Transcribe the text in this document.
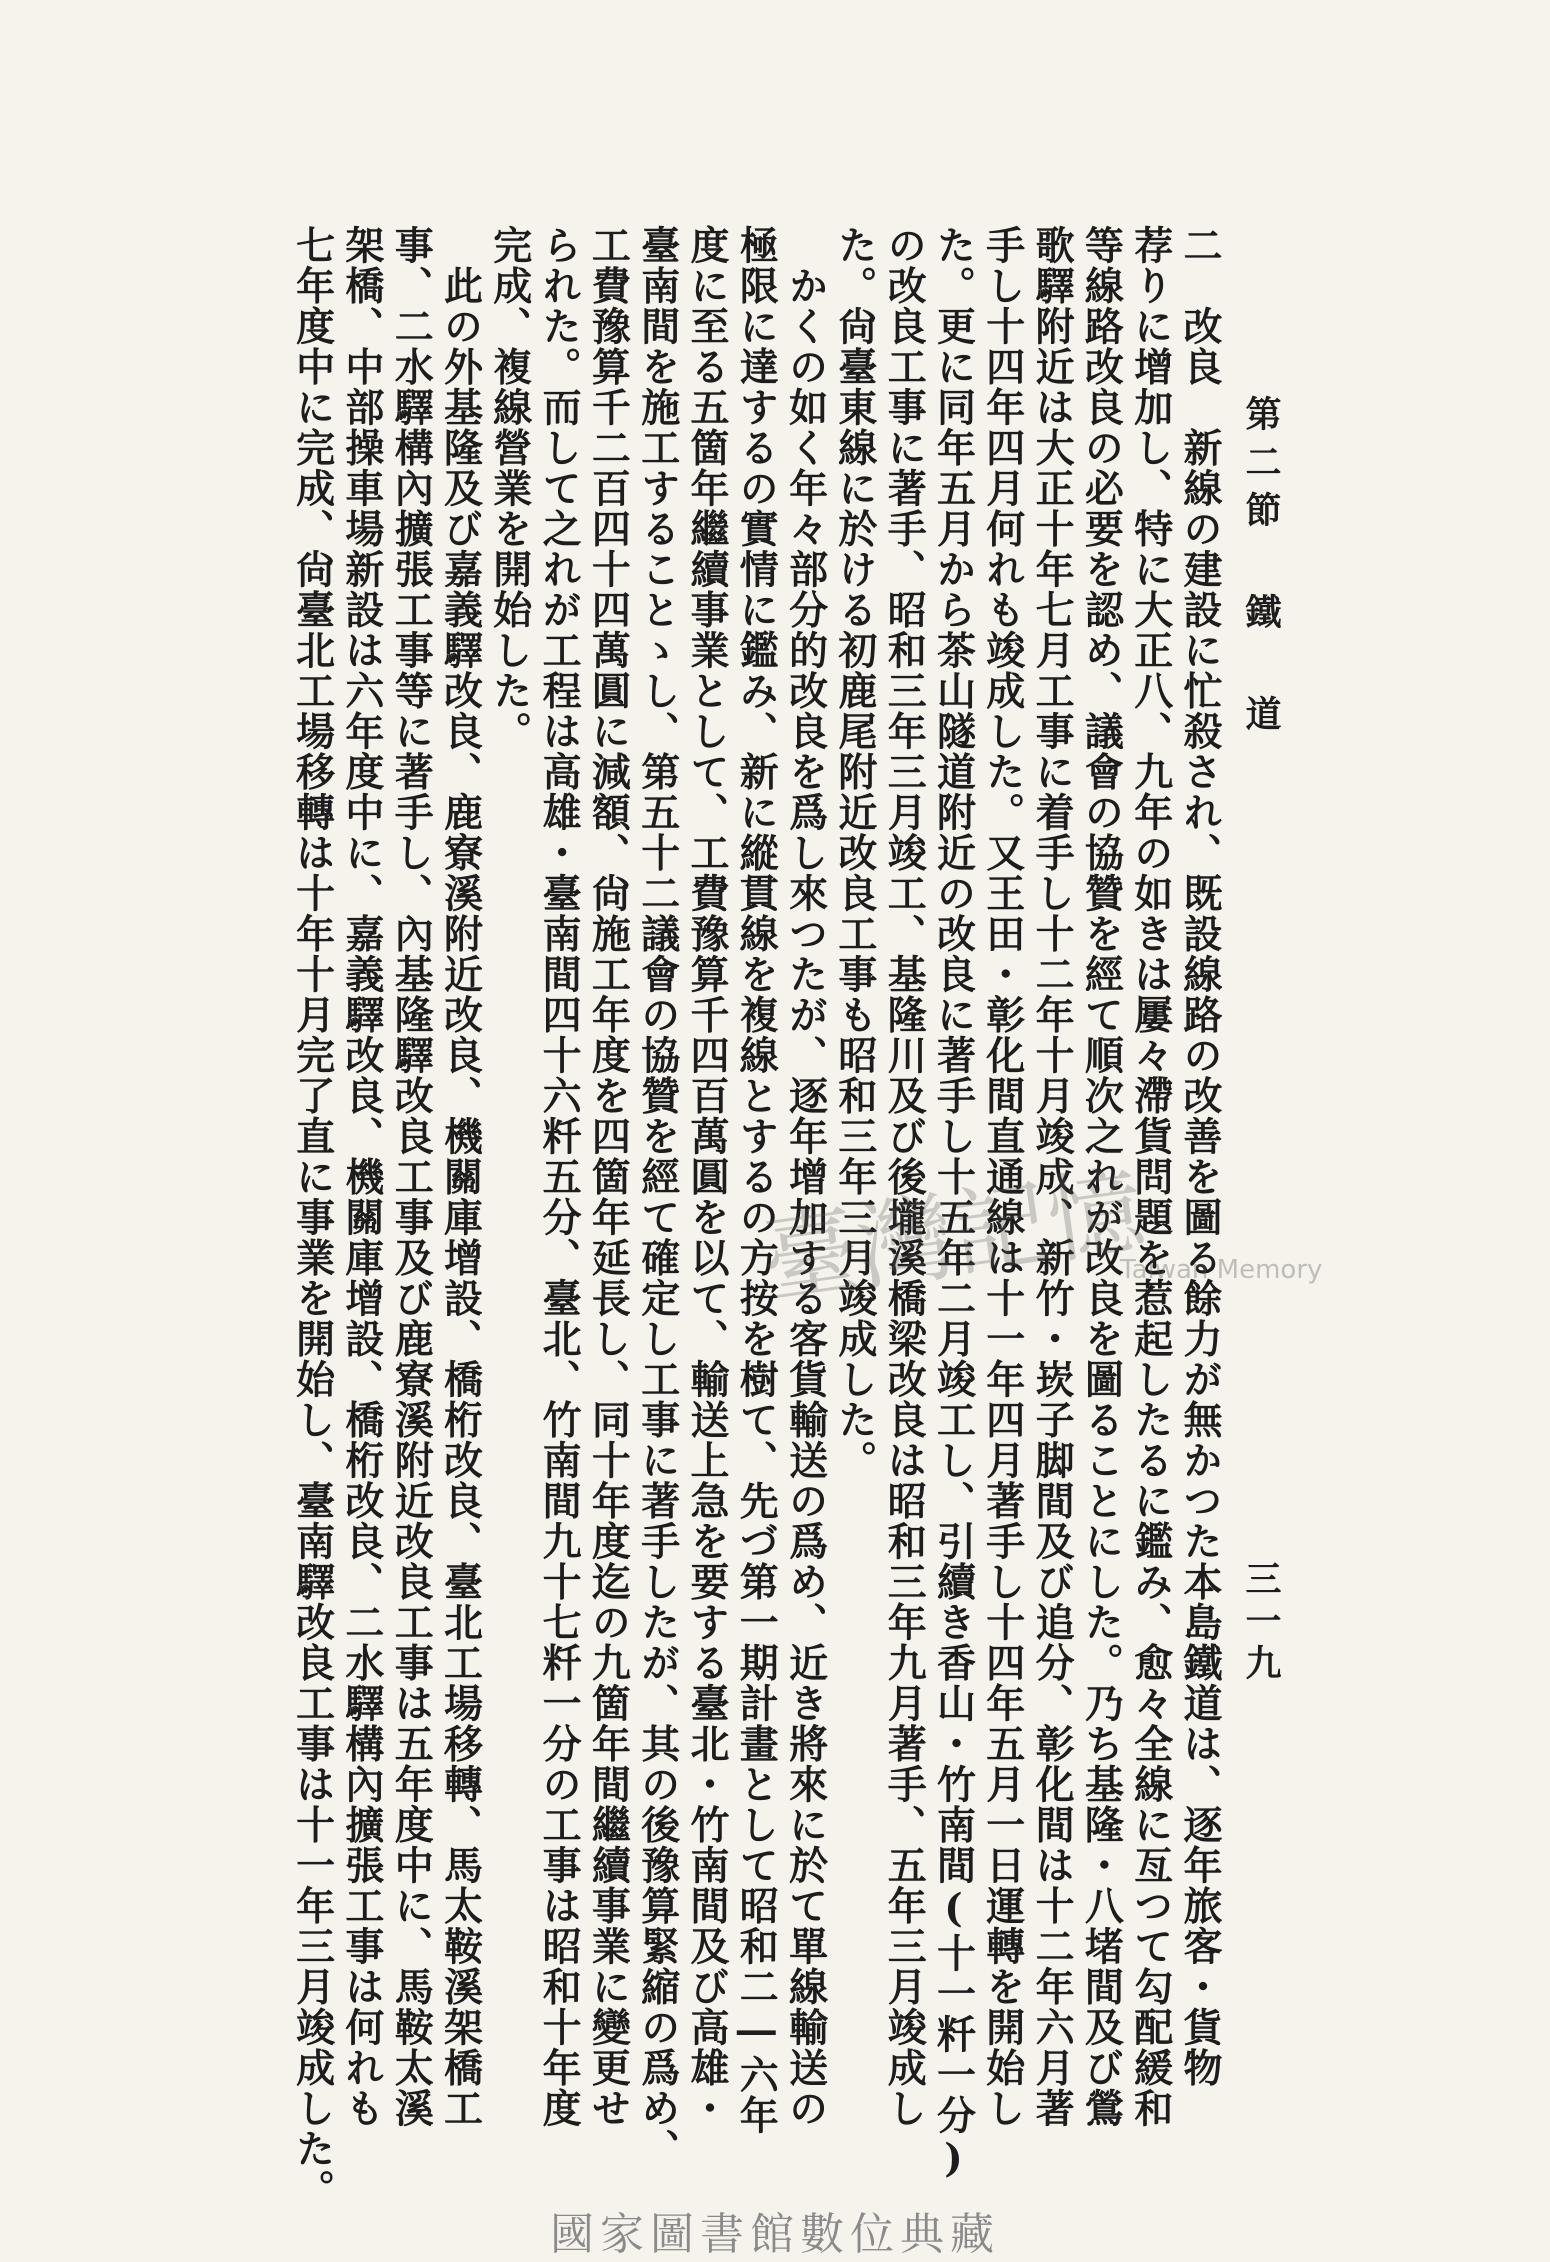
第二節 鐵 道
三一九
二　改良　新線の建設に忙殺され、既設線路の改善を圖る餘力が無かつた本島鐵道は、逐年旅客・貨物
荐りに增加し、特に大正八、九年の如きは屢々滯貨問題を惹起したるに鑑み、愈々全線に亙つて勾配緩和
等線路改良の必要を認め、議會の協贊を經て順次之れが改良を圖ることにした。乃ち基隆・八堵間及び鶯
歌驛附近は大正十年七月工事に着手し十二年十月竣成、新竹・崁子脚間及び追分、彰化間は十二年六月著
手し十四年四月何れも竣成した。又王田・彰化間直通線は十一年四月著手し十四年五月一日運轉を開始し
た。更に同年五月から茶山隧道附近の改良に著手し十五年二月竣工し、引續き香山・竹南間(十一粁一分)
の改良工事に著手、昭和三年三月竣工、基隆川及び後壠溪橋梁改良は昭和三年九月著手、五年三月竣成し
た。尙臺東線に於ける初鹿尾附近改良工事も昭和三年三月竣成した。
　かくの如く年々部分的改良を爲し來つたが、逐年增加する客貨輸送の爲め、近き將來に於て單線輸送の
極限に達するの實情に鑑み、新に縱貫線を複線とするの方按を樹て、先づ第一期計畫として昭和二―六年
度に至る五箇年繼續事業として、工費豫算千四百萬圓を以て、輸送上急を要する臺北・竹南間及び高雄・
臺南間を施工することゝし、第五十二議會の協贊を經て確定し工事に著手したが、其の後豫算緊縮の爲め、
工費豫算千二百四十四萬圓に減額、尙施工年度を四箇年延長し、同十年度迄の九箇年間繼續事業に變更せ
られた。而して之れが工程は高雄・臺南間四十六粁五分、臺北、竹南間九十七粁一分の工事は昭和十年度
完成、複線營業を開始した。
　此の外基隆及び嘉義驛改良、鹿寮溪附近改良、機關庫增設、橋桁改良、臺北工場移轉、馬太鞍溪架橋工
事、二水驛構內擴張工事等に著手し、內基隆驛改良工事及び鹿寮溪附近改良工事は五年度中に、馬鞍太溪
架橋、中部操車場新設は六年度中に、嘉義驛改良、機關庫增設、橋桁改良、二水驛構內擴張工事は何れも
七年度中に完成、尙臺北工場移轉は十年十月完了直に事業を開始し、臺南驛改良工事は十一年三月竣成した。	臺灣記憶
Taiwan Memory
國家圖書館數位典藏
